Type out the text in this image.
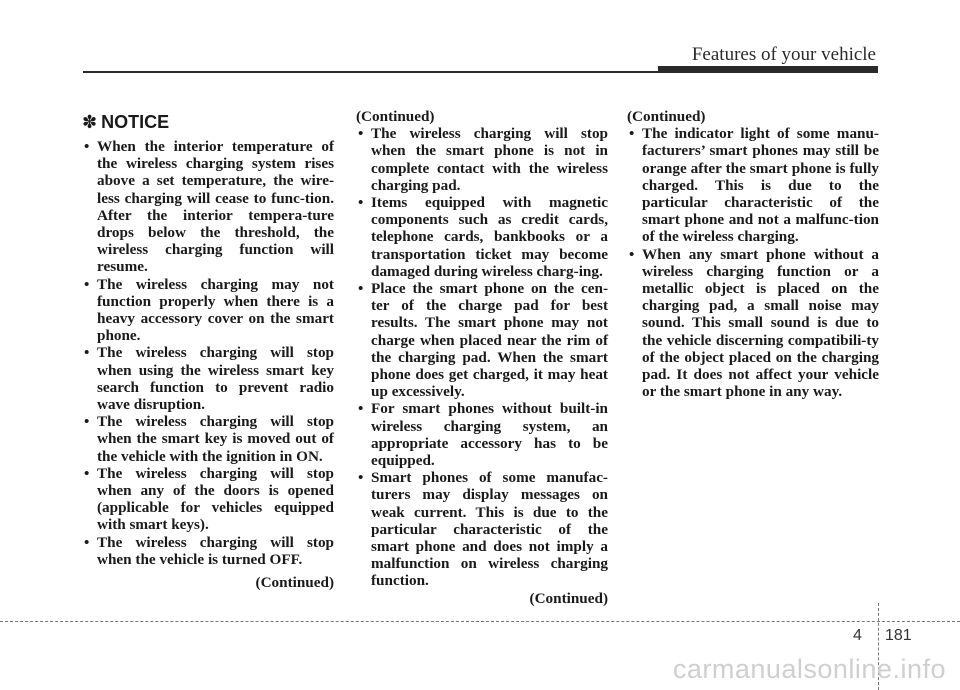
Features of your vehicle
✽ NOTICE
• When the interior temperature of the wireless charging system rises above a set temperature, the wire-less charging will cease to func-tion. After the interior tempera-ture drops below the threshold, the wireless charging function will resume.
• The wireless charging may not function properly when there is a heavy accessory cover on the smart phone.
• The wireless charging will stop when using the wireless smart key search function to prevent radio wave disruption.
• The wireless charging will stop when the smart key is moved out of the vehicle with the ignition in ON.
• The wireless charging will stop when any of the doors is opened (applicable for vehicles equipped with smart keys).
• The wireless charging will stop when the vehicle is turned OFF.
(Continued)
(Continued)
• The wireless charging will stop when the smart phone is not in complete contact with the wireless charging pad.
• Items equipped with magnetic components such as credit cards, telephone cards, bankbooks or a transportation ticket may become damaged during wireless charg-ing.
• Place the smart phone on the cen-ter of the charge pad for best results. The smart phone may not charge when placed near the rim of the charging pad. When the smart phone does get charged, it may heat up excessively.
• For smart phones without built-in wireless charging system, an appropriate accessory has to be equipped.
• Smart phones of some manufac-turers may display messages on weak current. This is due to the particular characteristic of the smart phone and does not imply a malfunction on wireless charging function.
(Continued)
(Continued)
• The indicator light of some manu-facturers’ smart phones may still be orange after the smart phone is fully charged. This is due to the particular characteristic of the smart phone and not a malfunc-tion of the wireless charging.
• When any smart phone without a wireless charging function or a metallic object is placed on the charging pad, a small noise may sound. This small sound is due to the vehicle discerning compatibili-ty of the object placed on the charging pad. It does not affect your vehicle or the smart phone in any way.
4 181
carmanualsonline.info
